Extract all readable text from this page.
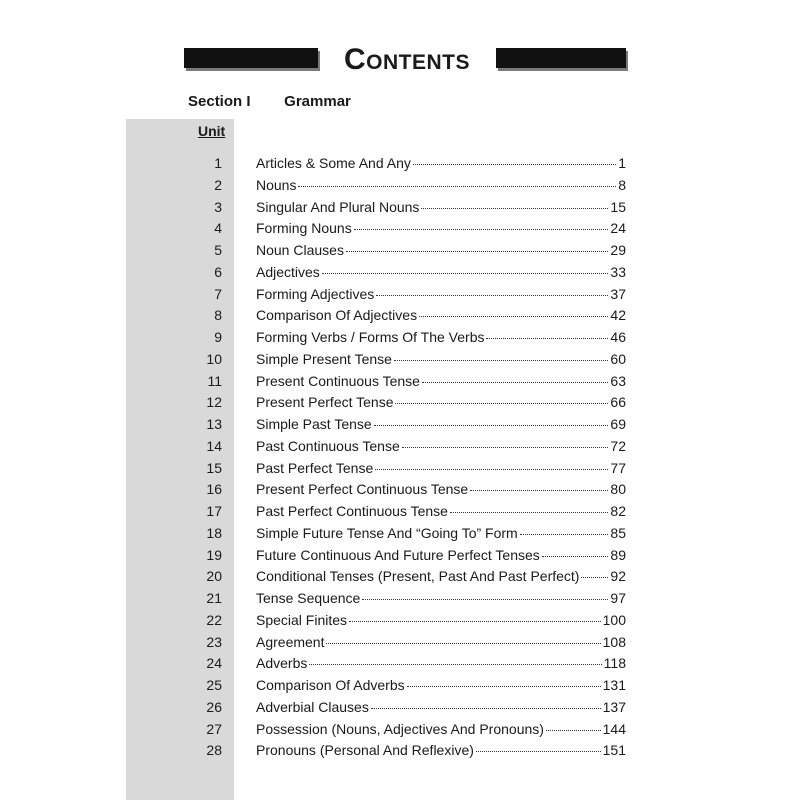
Contents
Section I Grammar
Unit
1	Articles & Some And Any	1
2	Nouns	8
3	Singular And Plural Nouns	15
4	Forming Nouns	24
5	Noun Clauses	29
6	Adjectives	33
7	Forming Adjectives	37
8	Comparison Of Adjectives	42
9	Forming Verbs / Forms Of The Verbs	46
10	Simple Present Tense	60
11	Present Continuous Tense	63
12	Present Perfect Tense	66
13	Simple Past Tense	69
14	Past Continuous Tense	72
15	Past Perfect Tense	77
16	Present Perfect Continuous Tense	80
17	Past Perfect Continuous Tense	82
18	Simple Future Tense And “Going To” Form	85
19	Future Continuous And Future Perfect Tenses	89
20	Conditional Tenses (Present, Past And Past Perfect) 92
21	Tense Sequence	97
22	Special Finites	100
23	Agreement	108
24	Adverbs	118
25	Comparison Of Adverbs	131
26	Adverbial Clauses	137
27	Possession (Nouns, Adjectives And Pronouns)	144
28	Pronouns (Personal And Reflexive)	151
